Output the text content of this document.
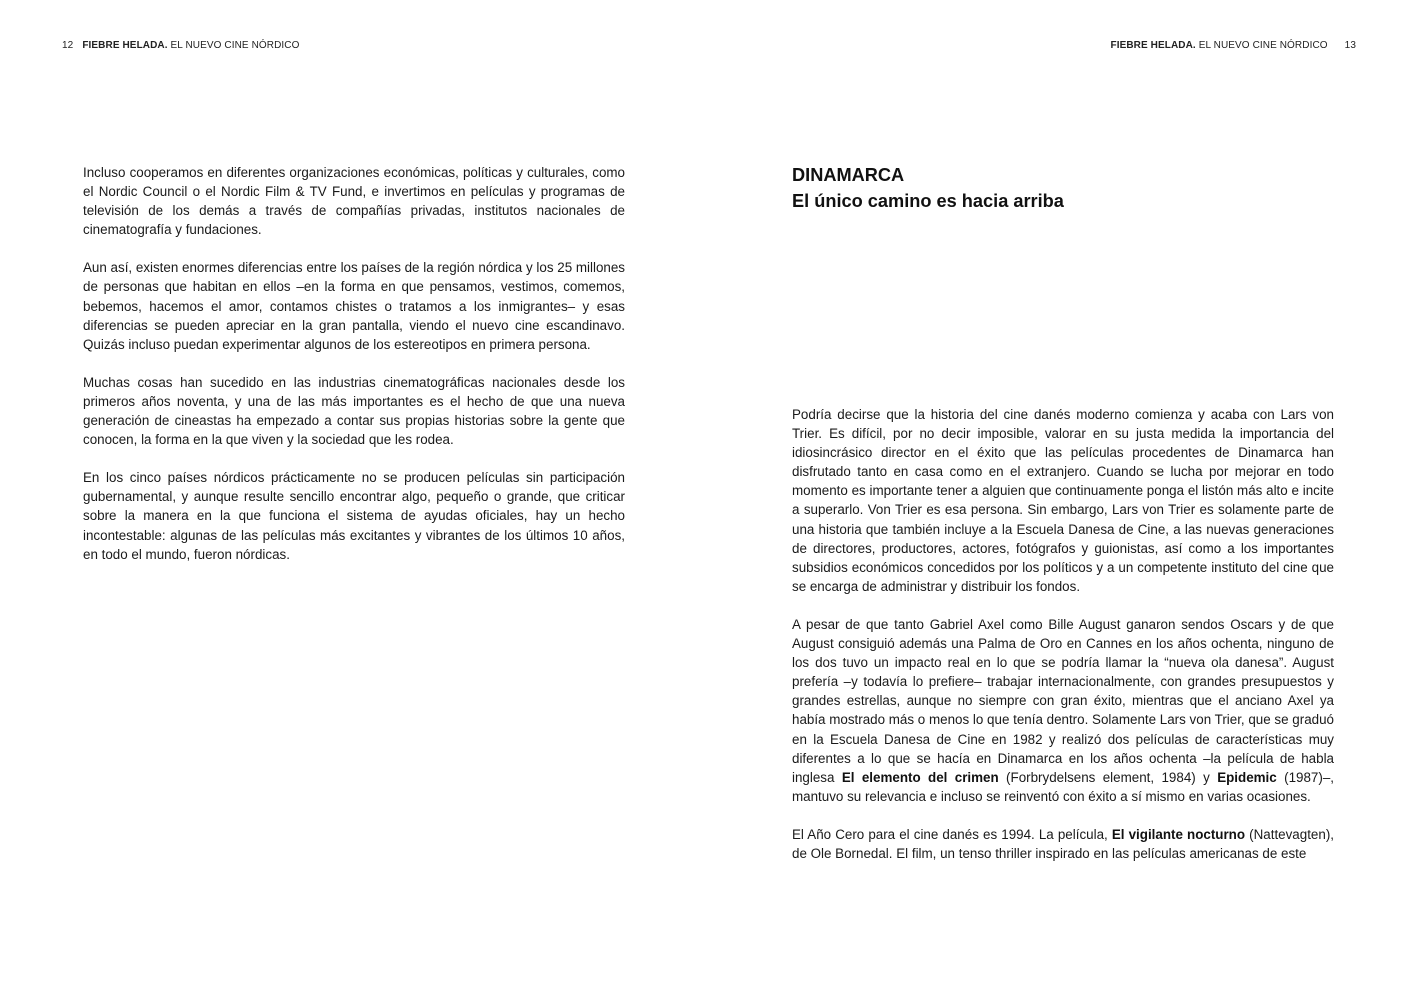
12 FIEBRE HELADA. EL NUEVO CINE NÓRDICO

Incluso cooperamos en diferentes organizaciones económicas, políticas y culturales, como el Nordic Council o el Nordic Film & TV Fund, e invertimos en películas y programas de televisión de los demás a través de compañías privadas, institutos nacionales de cinematografía y fundaciones.

Aun así, existen enormes diferencias entre los países de la región nórdica y los 25 millones de personas que habitan en ellos –en la forma en que pensamos, vestimos, comemos, bebemos, hacemos el amor, contamos chistes o tratamos a los inmigrantes– y esas diferencias se pueden apreciar en la gran pantalla, viendo el nuevo cine escandinavo. Quizás incluso puedan experimentar algunos de los estereotipos en primera persona.

Muchas cosas han sucedido en las industrias cinematográficas nacionales desde los primeros años noventa, y una de las más importantes es el hecho de que una nueva generación de cineastas ha empezado a contar sus propias historias sobre la gente que conocen, la forma en la que viven y la sociedad que les rodea.

En los cinco países nórdicos prácticamente no se producen películas sin participación gubernamental, y aunque resulte sencillo encontrar algo, pequeño o grande, que criticar sobre la manera en la que funciona el sistema de ayudas oficiales, hay un hecho incontestable: algunas de las películas más excitantes y vibrantes de los últimos 10 años, en todo el mundo, fueron nórdicas.

FIEBRE HELADA. EL NUEVO CINE NÓRDICO 13
DINAMARCA
El único camino es hacia arriba

Podría decirse que la historia del cine danés moderno comienza y acaba con Lars von Trier. Es difícil, por no decir imposible, valorar en su justa medida la importancia del idiosincrásico director en el éxito que las películas procedentes de Dinamarca han disfrutado tanto en casa como en el extranjero. Cuando se lucha por mejorar en todo momento es importante tener a alguien que continuamente ponga el listón más alto e incite a superarlo. Von Trier es esa persona. Sin embargo, Lars von Trier es solamente parte de una historia que también incluye a la Escuela Danesa de Cine, a las nuevas generaciones de directores, productores, actores, fotógrafos y guionistas, así como a los importantes subsidios económicos concedidos por los políticos y a un competente instituto del cine que se encarga de administrar y distribuir los fondos.

A pesar de que tanto Gabriel Axel como Bille August ganaron sendos Oscars y de que August consiguió además una Palma de Oro en Cannes en los años ochenta, ninguno de los dos tuvo un impacto real en lo que se podría llamar la “nueva ola danesa”. August prefería –y todavía lo prefiere– trabajar internacionalmente, con grandes presupuestos y grandes estrellas, aunque no siempre con gran éxito, mientras que el anciano Axel ya había mostrado más o menos lo que tenía dentro. Solamente Lars von Trier, que se graduó en la Escuela Danesa de Cine en 1982 y realizó dos películas de características muy diferentes a lo que se hacía en Dinamarca en los años ochenta –la película de habla inglesa El elemento del crimen (Forbrydelsens element, 1984) y Epidemic (1987)–, mantuvo su relevancia e incluso se reinventó con éxito a sí mismo en varias ocasiones.

El Año Cero para el cine danés es 1994. La película, El vigilante nocturno (Nattevagten), de Ole Bornedal. El film, un tenso thriller inspirado en las películas americanas de este
